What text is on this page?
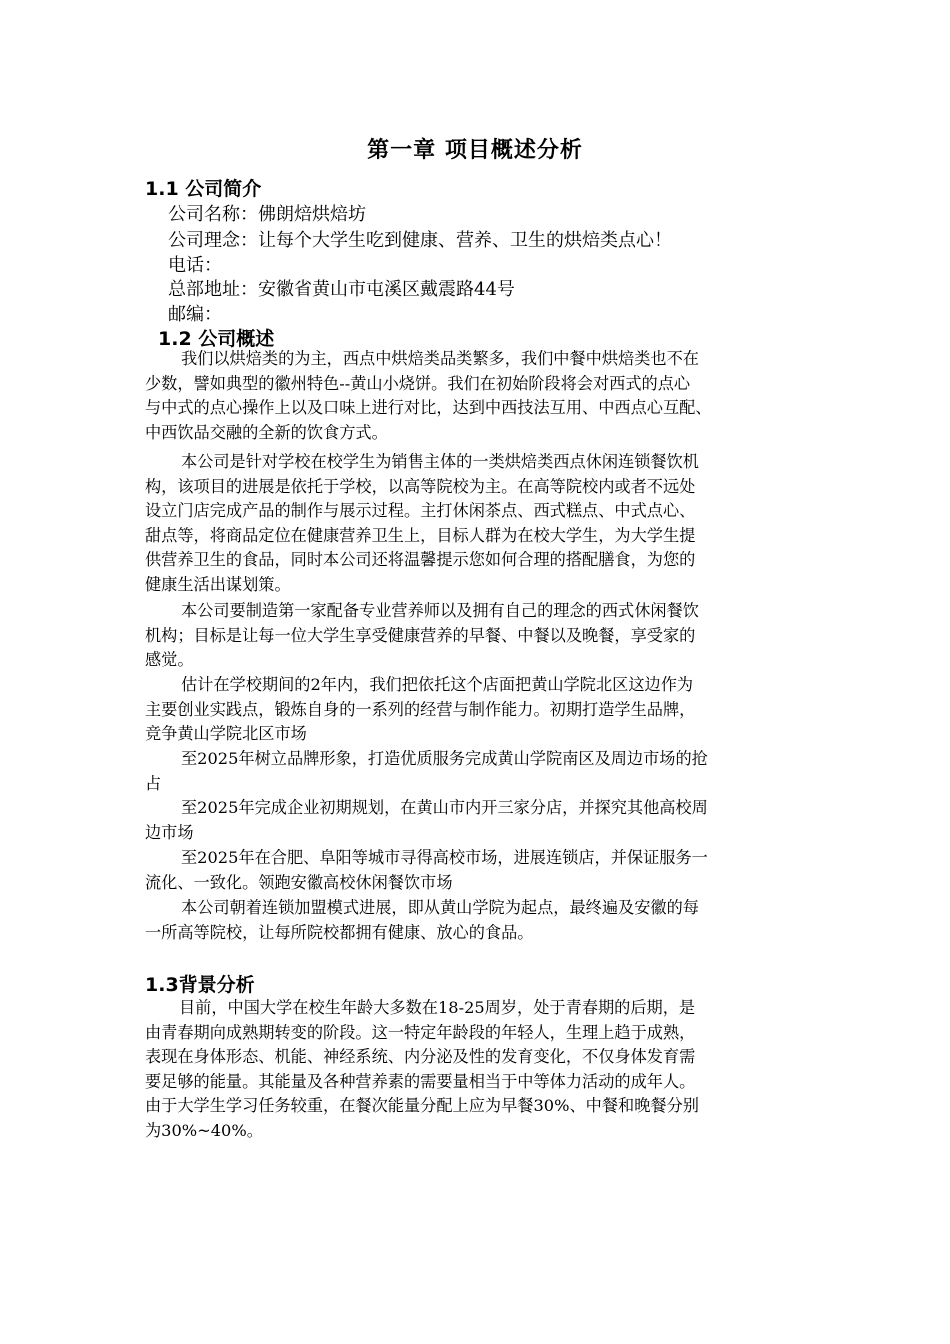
第一章 项目概述分析
1.1 公司简介
公司名称：佛朗焙烘焙坊
公司理念：让每个大学生吃到健康、营养、卫生的烘焙类点心！
电话：
总部地址：安徽省黄山市屯溪区戴震路44号
邮编：
1.2 公司概述
我们以烘焙类的为主，西点中烘焙类品类繁多，我们中餐中烘焙类也不在
少数，譬如典型的徽州特色--黄山小烧饼。我们在初始阶段将会对西式的点心
与中式的点心操作上以及口味上进行对比，达到中西技法互用、中西点心互配、
中西饮品交融的全新的饮食方式。
本公司是针对学校在校学生为销售主体的一类烘焙类西点休闲连锁餐饮机
构，该项目的进展是依托于学校，以高等院校为主。在高等院校内或者不远处
设立门店完成产品的制作与展示过程。主打休闲茶点、西式糕点、中式点心、
甜点等，将商品定位在健康营养卫生上，目标人群为在校大学生，为大学生提
供营养卫生的食品，同时本公司还将温馨提示您如何合理的搭配膳食，为您的
健康生活出谋划策。
本公司要制造第一家配备专业营养师以及拥有自己的理念的西式休闲餐饮
机构；目标是让每一位大学生享受健康营养的早餐、中餐以及晚餐，享受家的
感觉。
估计在学校期间的2年内，我们把依托这个店面把黄山学院北区这边作为
主要创业实践点，锻炼自身的一系列的经营与制作能力。初期打造学生品牌，
竞争黄山学院北区市场
至2025年树立品牌形象，打造优质服务完成黄山学院南区及周边市场的抢
占
至2025年完成企业初期规划，在黄山市内开三家分店，并探究其他高校周
边市场
至2025年在合肥、阜阳等城市寻得高校市场，进展连锁店，并保证服务一
流化、一致化。领跑安徽高校休闲餐饮市场
本公司朝着连锁加盟模式进展，即从黄山学院为起点，最终遍及安徽的每
一所高等院校，让每所院校都拥有健康、放心的食品。
1.3背景分析
目前，中国大学在校生年龄大多数在18-25周岁，处于青春期的后期，是
由青春期向成熟期转变的阶段。这一特定年龄段的年轻人，生理上趋于成熟，
表现在身体形态、机能、神经系统、内分泌及性的发育变化，不仅身体发育需
要足够的能量。其能量及各种营养素的需要量相当于中等体力活动的成年人。
由于大学生学习任务较重，在餐次能量分配上应为早餐30%、中餐和晚餐分别
为30%~40%。
